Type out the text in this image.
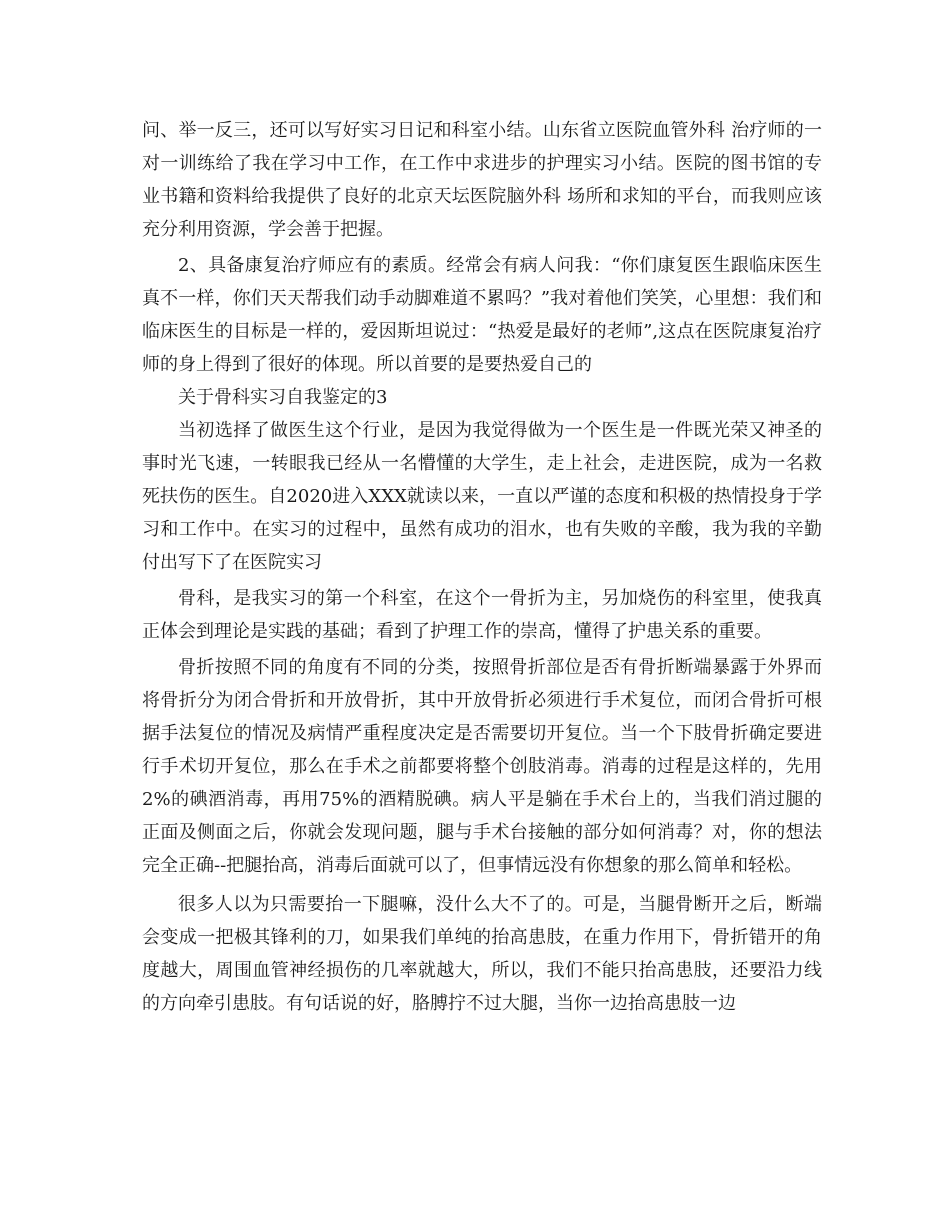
问、举一反三，还可以写好实习日记和科室小结。山东省立医院血管外科 治疗师的一对一训练给了我在学习中工作，在工作中求进步的护理实习小结。医院的图书馆的专业书籍和资料给我提供了良好的北京天坛医院脑外科 场所和求知的平台，而我则应该充分利用资源，学会善于把握。

2、具备康复治疗师应有的素质。经常会有病人问我：“你们康复医生跟临床医生真不一样，你们天天帮我们动手动脚难道不累吗？”我对着他们笑笑，心里想：我们和临床医生的目标是一样的，爱因斯坦说过：“热爱是最好的老师”,这点在医院康复治疗师的身上得到了很好的体现。所以首要的是要热爱自己的

关于骨科实习自我鉴定的3

当初选择了做医生这个行业，是因为我觉得做为一个医生是一件既光荣又神圣的事时光飞速，一转眼我已经从一名懵懂的大学生，走上社会，走进医院，成为一名救死扶伤的医生。自2020进入XXX就读以来，一直以严谨的态度和积极的热情投身于学习和工作中。在实习的过程中，虽然有成功的泪水，也有失败的辛酸，我为我的辛勤付出写下了在医院实习

骨科，是我实习的第一个科室，在这个一骨折为主，另加烧伤的科室里，使我真正体会到理论是实践的基础；看到了护理工作的崇高，懂得了护患关系的重要。

骨折按照不同的角度有不同的分类，按照骨折部位是否有骨折断端暴露于外界而将骨折分为闭合骨折和开放骨折，其中开放骨折必须进行手术复位，而闭合骨折可根据手法复位的情况及病情严重程度决定是否需要切开复位。当一个下肢骨折确定要进行手术切开复位，那么在手术之前都要将整个创肢消毒。消毒的过程是这样的，先用2%的碘酒消毒，再用75%的酒精脱碘。病人平是躺在手术台上的，当我们消过腿的正面及侧面之后，你就会发现问题，腿与手术台接触的部分如何消毒？对，你的想法完全正确--把腿抬高，消毒后面就可以了，但事情远没有你想象的那么简单和轻松。

很多人以为只需要抬一下腿嘛，没什么大不了的。可是，当腿骨断开之后，断端会变成一把极其锋利的刀，如果我们单纯的抬高患肢，在重力作用下，骨折错开的角度越大，周围血管神经损伤的几率就越大，所以，我们不能只抬高患肢，还要沿力线的方向牵引患肢。有句话说的好，胳膊拧不过大腿，当你一边抬高患肢一边
